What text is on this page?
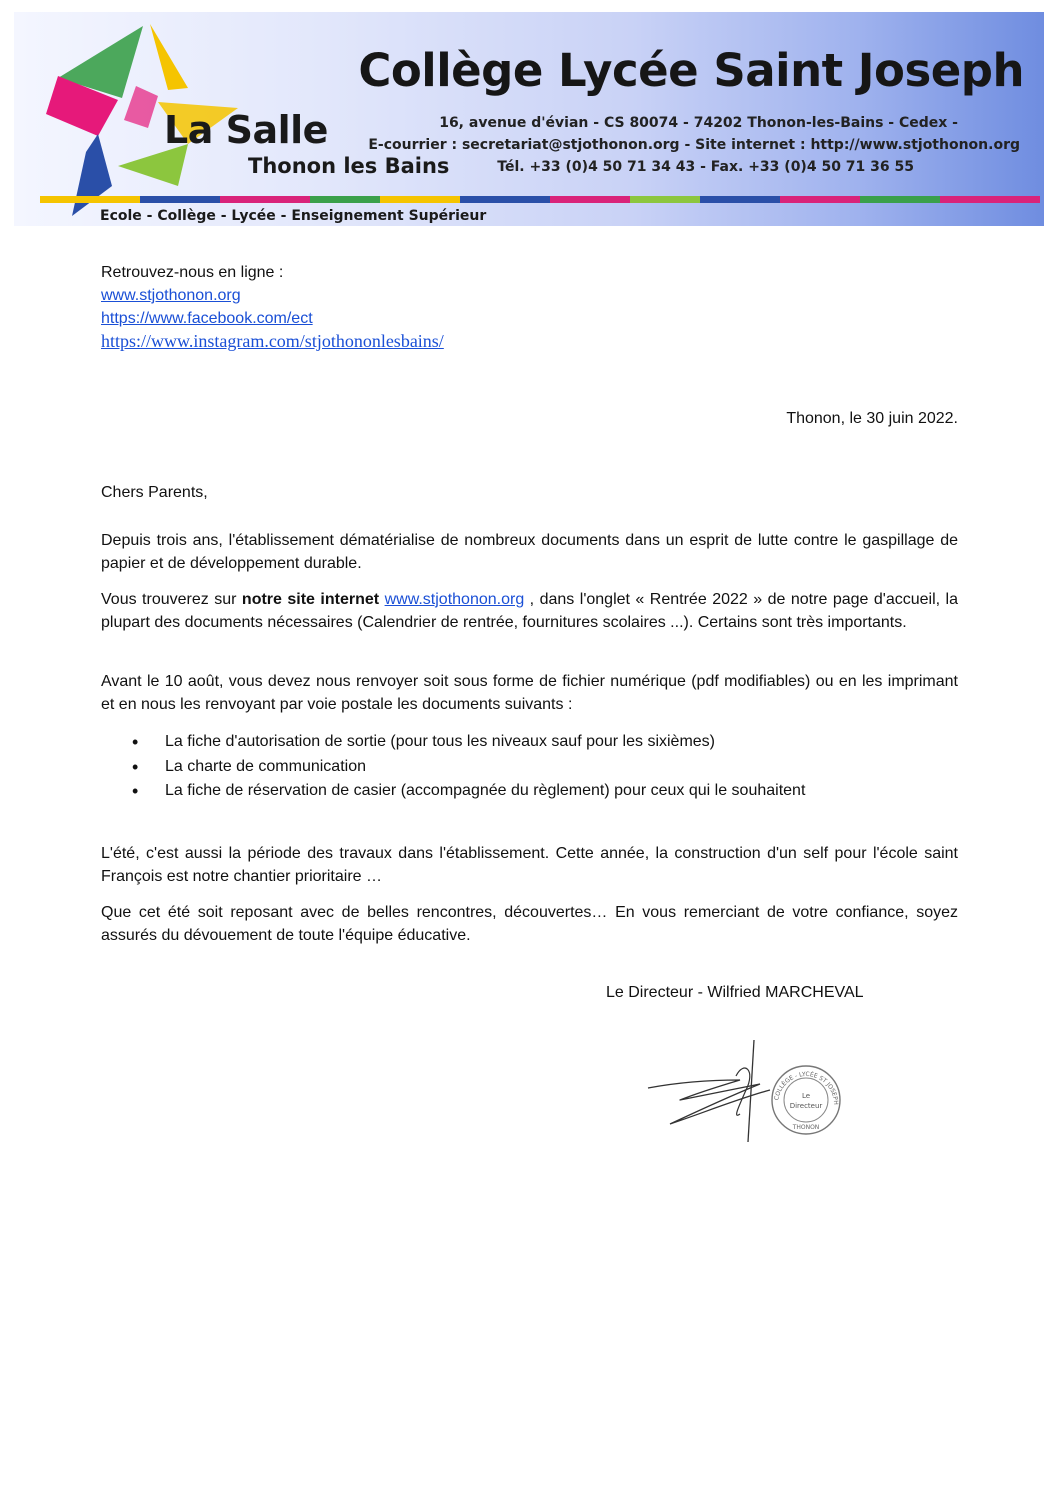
La Salle
Thonon les Bains
Collège Lycée Saint Joseph
16, avenue d'évian - CS 80074 - 74202 Thonon-les-Bains - Cedex -
E-courrier : secretariat@stjothonon.org - Site internet : http://www.stjothonon.org
Tél. +33 (0)4 50 71 34 43 - Fax. +33 (0)4 50 71 36 55
Ecole - Collège - Lycée - Enseignement Supérieur
Retrouvez-nous en ligne :
www.stjothonon.org
https://www.facebook.com/ect
https://www.instagram.com/stjothononlesbains/
Thonon, le 30 juin 2022.
Chers Parents,
Depuis trois ans, l'établissement dématérialise de nombreux documents dans un esprit de lutte contre le gaspillage de papier et de développement durable.
Vous trouverez sur notre site internet www.stjothonon.org , dans l'onglet « Rentrée 2022 » de notre page d'accueil, la plupart des documents nécessaires (Calendrier de rentrée, fournitures scolaires ...). Certains sont très importants.
Avant le 10 août, vous devez nous renvoyer soit sous forme de fichier numérique (pdf modifiables) ou en les imprimant et en nous les renvoyant par voie postale les documents suivants :
• La fiche d'autorisation de sortie (pour tous les niveaux sauf pour les sixièmes)
• La charte de communication
• La fiche de réservation de casier (accompagnée du règlement) pour ceux qui le souhaitent
L'été, c'est aussi la période des travaux dans l'établissement. Cette année, la construction d'un self pour l'école saint François est notre chantier prioritaire …
Que cet été soit reposant avec de belles rencontres, découvertes… En vous remerciant de votre confiance, soyez assurés du dévouement de toute l'équipe éducative.
Le Directeur - Wilfried MARCHEVAL
Le
Directeur
COLLÈGE - LYCÉE ST JOSEPH
THONON
